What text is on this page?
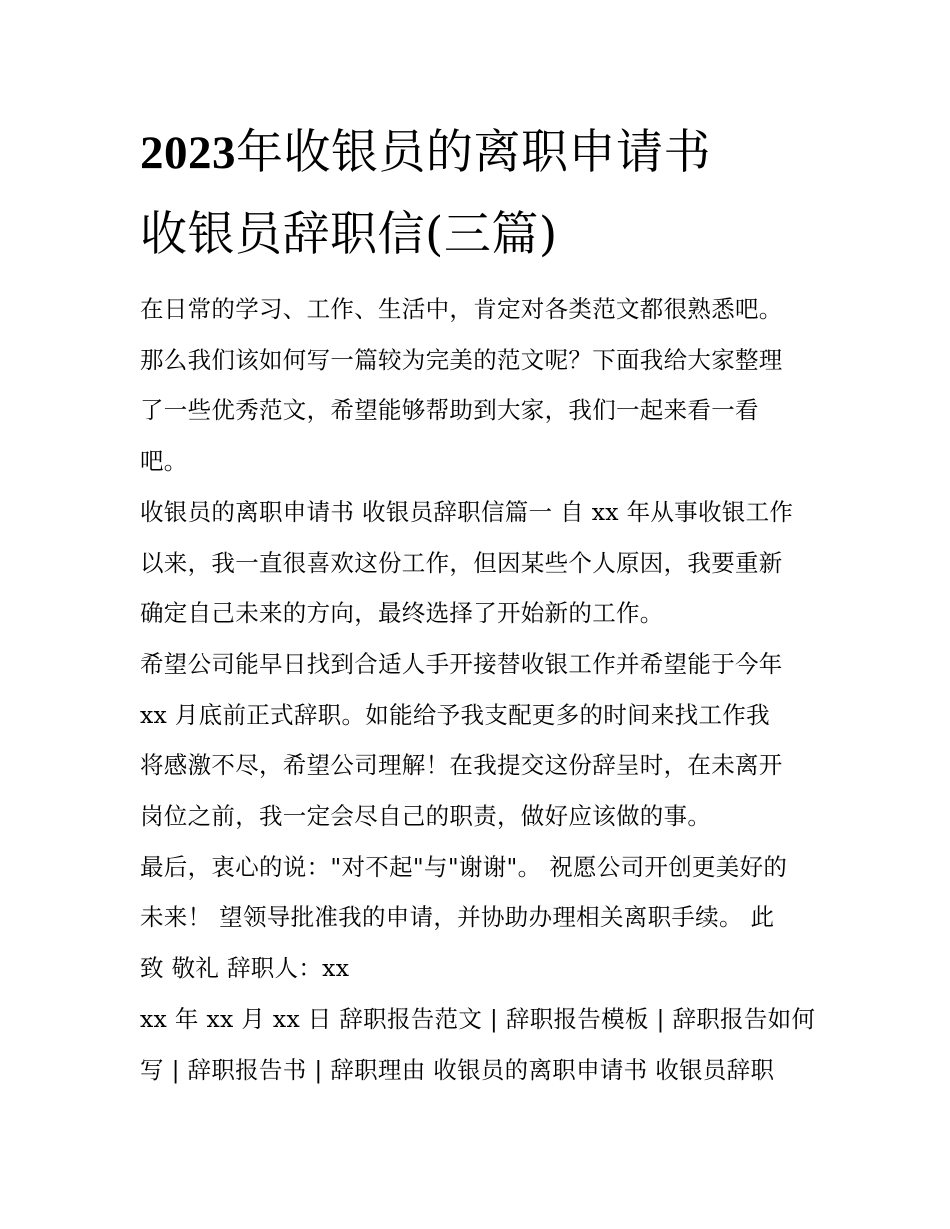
2023年收银员的离职申请书
收银员辞职信(三篇)

在日常的学习、工作、生活中，肯定对各类范文都很熟悉吧。
那么我们该如何写一篇较为完美的范文呢？下面我给大家整理
了一些优秀范文，希望能够帮助到大家，我们一起来看一看
吧。

收银员的离职申请书 收银员辞职信篇一 自 xx 年从事收银工作
以来，我一直很喜欢这份工作，但因某些个人原因，我要重新
确定自己未来的方向，最终选择了开始新的工作。

希望公司能早日找到合适人手开接替收银工作并希望能于今年
xx 月底前正式辞职。如能给予我支配更多的时间来找工作我
将感激不尽，希望公司理解！在我提交这份辞呈时，在未离开
岗位之前，我一定会尽自己的职责，做好应该做的事。

最后，衷心的说："对不起"与"谢谢"。 祝愿公司开创更美好的
未来！ 望领导批准我的申请，并协助办理相关离职手续。 此
致 敬礼 辞职人：xx

xx 年 xx 月 xx 日 辞职报告范文 | 辞职报告模板 | 辞职报告如何
写 | 辞职报告书 | 辞职理由 收银员的离职申请书 收银员辞职
